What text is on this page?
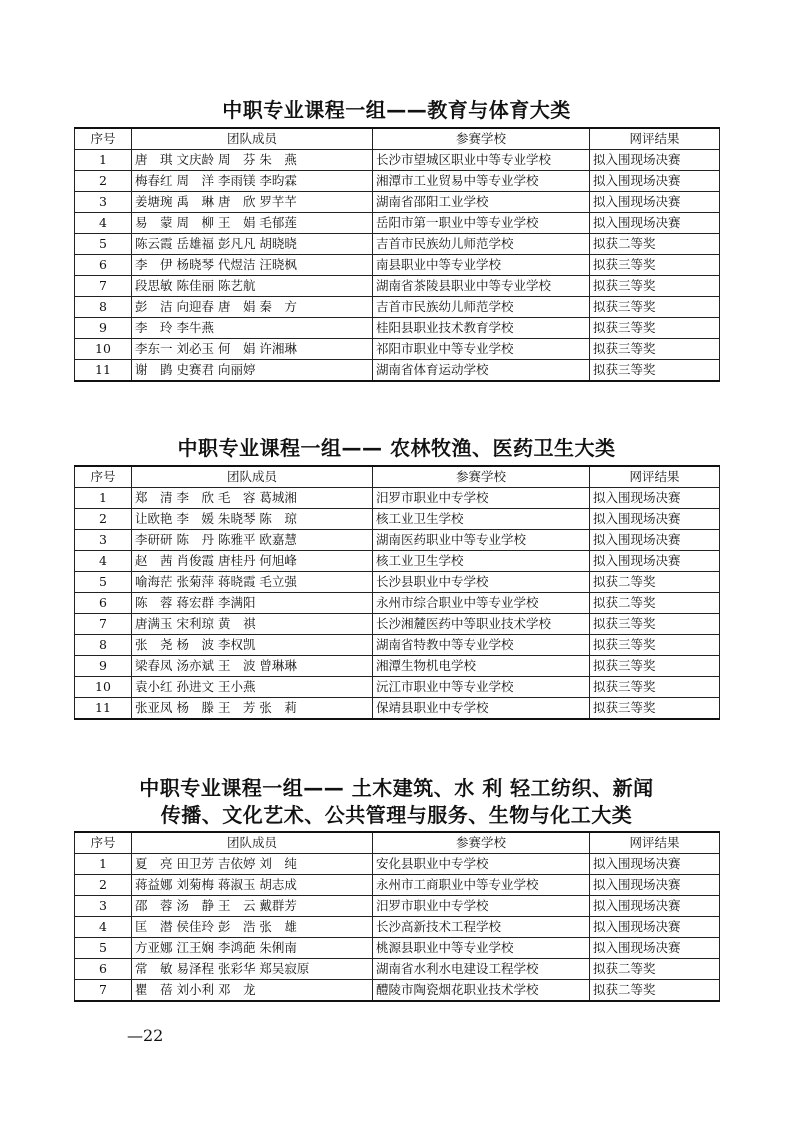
中职专业课程一组——教育与体育大类
序号	团队成员	参赛学校	网评结果
1	唐　琪 文庆龄 周　芬 朱　燕	长沙市望城区职业中等专业学校	拟入围现场决赛
2	梅春红 周　洋 李雨镁 李昀霖	湘潭市工业贸易中等专业学校	拟入围现场决赛
3	姜塘琬 禹　琳 唐　欣 罗芊芊	湖南省邵阳工业学校	拟入围现场决赛
4	易　蒙 周　柳 王　娟 毛郁莲	岳阳市第一职业中等专业学校	拟入围现场决赛
5	陈云霞 岳雄福 彭凡凡 胡晓晓	吉首市民族幼儿师范学校	拟获二等奖
6	李　伊 杨晓琴 代煜洁 汪晓枫	南县职业中等专业学校	拟获三等奖
7	段思敏 陈佳丽 陈艺航	湖南省茶陵县职业中等专业学校	拟获三等奖
8	彭　洁 向迎春 唐　娟 秦　方	吉首市民族幼儿师范学校	拟获三等奖
9	李　玲 李牛燕	桂阳县职业技术教育学校	拟获三等奖
10	李东一 刘必玉 何　娟 许湘琳	祁阳市职业中等专业学校	拟获三等奖
11	谢　鹍 史赛君 向丽婷	湖南省体育运动学校	拟获三等奖
中职专业课程一组—— 农林牧渔、医药卫生大类
序号	团队成员	参赛学校	网评结果
1	郑　清 李　欣 毛　容 葛城湘	汨罗市职业中专学校	拟入围现场决赛
2	让欧艳 李　媛 朱晓琴 陈　琼	核工业卫生学校	拟入围现场决赛
3	李研研 陈　丹 陈雅平 欧嘉慧	湖南医药职业中等专业学校	拟入围现场决赛
4	赵　茜 肖俊霞 唐桂丹 何旭峰	核工业卫生学校	拟入围现场决赛
5	喻海茫 张菊萍 蒋晓霞 毛立强	长沙县职业中专学校	拟获二等奖
6	陈　蓉 蒋宏群 李满阳	永州市综合职业中等专业学校	拟获二等奖
7	唐满玉 宋利琼 黄　祺	长沙湘麓医药中等职业技术学校	拟获三等奖
8	张　尧 杨　波 李权凯	湖南省特教中等专业学校	拟获三等奖
9	梁春凤 汤亦斌 王　波 曾琳琳	湘潭生物机电学校	拟获三等奖
10	袁小红 孙进文 王小燕	沅江市职业中等专业学校	拟获三等奖
11	张亚凤 杨　滕 王　芳 张　莉	保靖县职业中专学校	拟获三等奖
中职专业课程一组—— 土木建筑、水 利 轻工纺织、新闻
传播、文化艺术、公共管理与服务、生物与化工大类
序号	团队成员	参赛学校	网评结果
1	夏　亮 田卫芳 吉依婷 刘　纯	安化县职业中专学校	拟入围现场决赛
2	蒋益娜 刘菊梅 蒋淑玉 胡志成	永州市工商职业中等专业学校	拟入围现场决赛
3	邵　蓉 汤　静 王　云 戴群芳	汨罗市职业中专学校	拟入围现场决赛
4	匡　潜 侯佳玲 彭　浩 张　雄	长沙高新技术工程学校	拟入围现场决赛
5	方亚娜 江王娴 李鸿葩 朱俐南	桃源县职业中等专业学校	拟入围现场决赛
6	常　敏 易泽程 张彩华 郑吴寂原	湖南省水利水电建设工程学校	拟获二等奖
7	瞿　蓓 刘小利 邓　龙	醴陵市陶瓷烟花职业技术学校	拟获二等奖
—22
